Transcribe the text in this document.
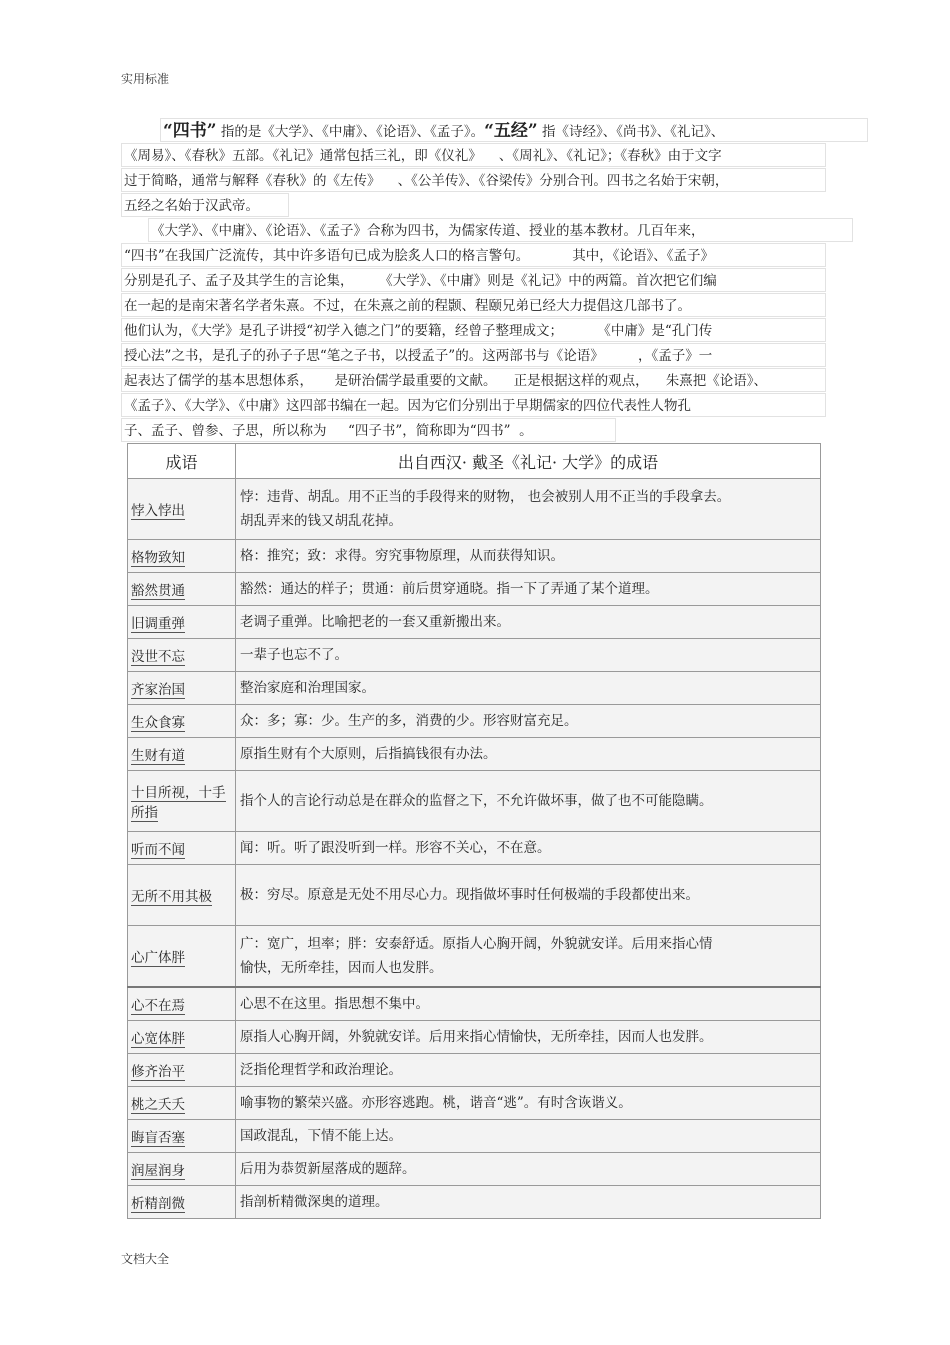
实用标准
“四书” 指的是《大学》、《中庸》、《论语》、《孟子》。“五经” 指《诗经》、《尚书》、《礼记》、
《周易》、《春秋》五部。《礼记》通常包括三礼，即《仪礼》    、《周礼》、《礼记》；《春秋》由于文字
过于简略，通常与解释《春秋》的《左传》    、《公羊传》、《谷梁传》分别合刊。四书之名始于宋朝，
五经之名始于汉武帝。
《大学》、《中庸》、《论语》、《孟子》合称为四书，为儒家传道、授业的基本教材。几百年来，
“四书”在我国广泛流传，其中许多语句已成为脍炙人口的格言警句。          其中，《论语》、《孟子》
分别是孔子、孟子及其学生的言论集，      《大学》、《中庸》则是《礼记》中的两篇。首次把它们编
在一起的是南宋著名学者朱熹。不过，在朱熹之前的程颢、程颐兄弟已经大力提倡这几部书了。
他们认为，《大学》是孔子讲授“初学入德之门”的要籍，经曾子整理成文；        《中庸》是“孔门传
授心法”之书，是孔子的孙子子思“笔之子书，以授孟子”的。这两部书与《论语》        ，《孟子》一
起表达了儒学的基本思想体系，     是研治儒学最重要的文献。    正是根据这样的观点，    朱熹把《论语》、
《孟子》、《大学》、《中庸》这四部书编在一起。因为它们分别出于早期儒家的四位代表性人物孔
子、孟子、曾参、子思，所以称为     “四子书”，简称即为“四书”  。
成语	出自西汉· 戴圣《礼记· 大学》的成语
悖入悖出	悖：违背、胡乱。用不正当的手段得来的财物， 也会被别人用不正当的手段拿去。
胡乱弄来的钱又胡乱花掉。
格物致知	格：推究；致：求得。穷究事物原理，从而获得知识。
豁然贯通	豁然：通达的样子；贯通：前后贯穿通晓。指一下了弄通了某个道理。
旧调重弹	老调子重弹。比喻把老的一套又重新搬出来。
没世不忘	一辈子也忘不了。
齐家治国	整治家庭和治理国家。
生众食寡	众：多；寡：少。生产的多，消费的少。形容财富充足。
生财有道	原指生财有个大原则，后指搞钱很有办法。
十目所视，十手所指	指个人的言论行动总是在群众的监督之下，不允许做坏事，做了也不可能隐瞒。
听而不闻	闻：听。听了跟没听到一样。形容不关心，不在意。
无所不用其极	极：穷尽。原意是无处不用尽心力。现指做坏事时任何极端的手段都使出来。
心广体胖	广：宽广，坦率；胖：安泰舒适。原指人心胸开阔，外貌就安详。后用来指心情
愉快，无所牵挂，因而人也发胖。
心不在焉	心思不在这里。指思想不集中。
心宽体胖	原指人心胸开阔，外貌就安详。后用来指心情愉快，无所牵挂，因而人也发胖。
修齐治平	泛指伦理哲学和政治理论。
桃之夭夭	喻事物的繁荣兴盛。亦形容逃跑。桃，谐音“逃”。有时含诙谐义。
晦盲否塞	国政混乱，下情不能上达。
润屋润身	后用为恭贺新屋落成的题辞。
析精剖微	指剖析精微深奥的道理。
文档大全
